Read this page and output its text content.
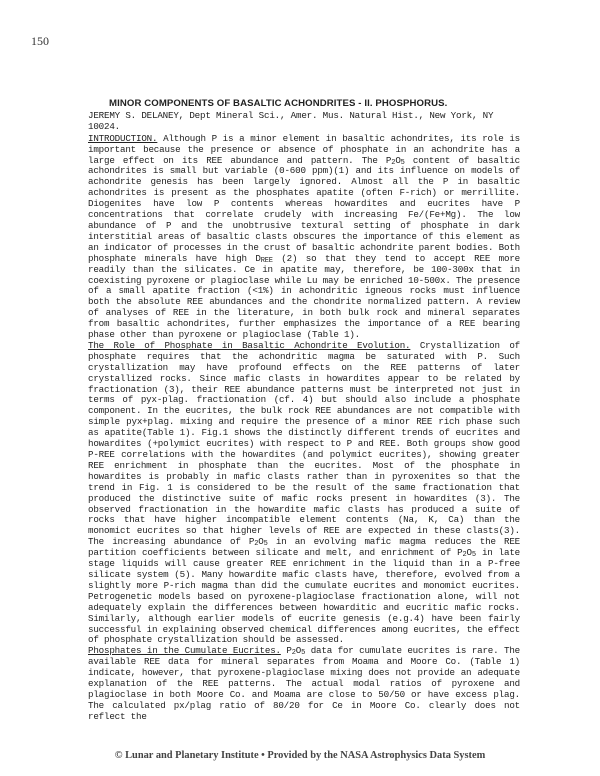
150
MINOR COMPONENTS OF BASALTIC ACHONDRITES - II. PHOSPHORUS.
JEREMY S. DELANEY, Dept Mineral Sci., Amer. Mus. Natural Hist., New York, NY 10024.
INTRODUCTION. Although P is a minor element in basaltic achondrites, its role is important because the presence or absence of phosphate in an achondrite has a large effect on its REE abundance and pattern. The $P_2O_5$ content of basaltic achondrites is small but variable (0-600 ppm)(1) and its influence on models of achondrite genesis has been largely ignored. Almost all the P in basaltic achondrites is present as the phosphates apatite (often F-rich) or merrillite. Diogenites have low P contents whereas howardites and eucrites have P concentrations that correlate crudely with increasing Fe/(Fe+Mg). The low abundance of P and the unobtrusive textural setting of phosphate in dark interstitial areas of basaltic clasts obscures the importance of this element as an indicator of processes in the crust of basaltic achondrite parent bodies. Both phosphate minerals have high $D_{REE}$ (2) so that they tend to accept REE more readily than the silicates. Ce in apatite may, therefore, be 100-300x that in coexisting pyroxene or plagioclase while Lu may be enriched 10-500x. The presence of a small apatite fraction (<1%) in achondritic igneous rocks must influence both the absolute REE abundances and the chondrite normalized pattern. A review of analyses of REE in the literature, in both bulk rock and mineral separates from basaltic achondrites, further emphasizes the importance of a REE bearing phase other than pyroxene or plagioclase (Table 1).
The Role of Phosphate in Basaltic Achondrite Evolution. Crystallization of phosphate requires that the achondritic magma be saturated with P. Such crystallization may have profound effects on the REE patterns of later crystallized rocks. Since mafic clasts in howardites appear to be related by fractionation (3), their REE abundance patterns must be interpreted not just in terms of pyx-plag. fractionation (cf. 4) but should also include a phosphate component. In the eucrites, the bulk rock REE abundances are not compatible with simple pyx+plag. mixing and require the presence of a minor REE rich phase such as apatite(Table 1). Fig.1 shows the distinctly different trends of eucrites and howardites (+polymict eucrites) with respect to P and REE. Both groups show good P-REE correlations with the howardites (and polymict eucrites), showing greater REE enrichment in phosphate than the eucrites. Most of the phosphate in howardites is probably in mafic clasts rather than in pyroxenites so that the trend in Fig. 1 is considered to be the result of the same fractionation that produced the distinctive suite of mafic rocks present in howardites (3). The observed fractionation in the howardite mafic clasts has produced a suite of rocks that have higher incompatible element contents (Na, K, Ca) than the monomict eucrites so that higher levels of REE are expected in these clasts(3). The increasing abundance of $P_2O_5$ in an evolving mafic magma reduces the REE partition coefficients between silicate and melt, and enrichment of $P_2O_5$ in late stage liquids will cause greater REE enrichment in the liquid than in a P-free silicate system (5). Many howardite mafic clasts have, therefore, evolved from a slightly more P-rich magma than did the cumulate eucrites and monomict eucrites. Petrogenetic models based on pyroxene-plagioclase fractionation alone, will not adequately explain the differences between howarditic and eucritic mafic rocks. Similarly, although earlier models of eucrite genesis (e.g.4) have been fairly successful in explaining observed chemical differences among eucrites, the effect of phosphate crystallization should be assessed.
Phosphates in the Cumulate Eucrites. $P_2O_5$ data for cumulate eucrites is rare. The available REE data for mineral separates from Moama and Moore Co. (Table 1) indicate, however, that pyroxene-plagioclase mixing does not provide an adequate explanation of the REE patterns. The actual modal ratios of pyroxene and plagioclase in both Moore Co. and Moama are close to 50/50 or have excess plag. The calculated px/plag ratio of 80/20 for Ce in Moore Co. clearly does not reflect the
© Lunar and Planetary Institute • Provided by the NASA Astrophysics Data System
